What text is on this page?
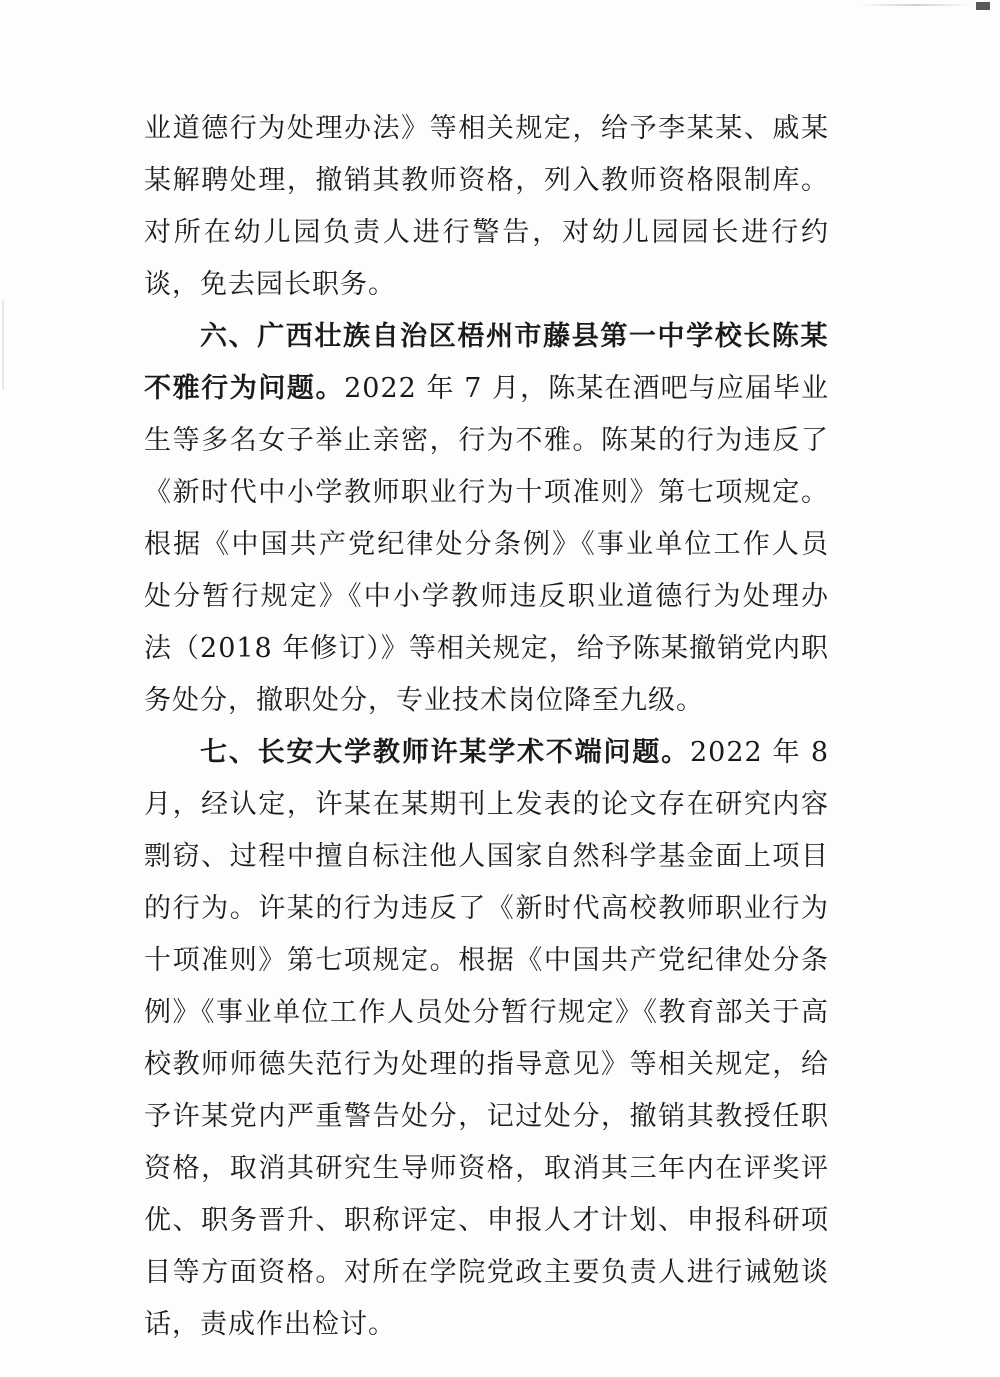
业道德行为处理办法》等相关规定，给予李某某、戚某某解聘处理，撤销其教师资格，列入教师资格限制库。对所在幼儿园负责人进行警告，对幼儿园园长进行约谈，免去园长职务。

六、广西壮族自治区梧州市藤县第一中学校长陈某不雅行为问题。2022 年 7 月，陈某在酒吧与应届毕业生等多名女子举止亲密，行为不雅。陈某的行为违反了《新时代中小学教师职业行为十项准则》第七项规定。根据《中国共产党纪律处分条例》《事业单位工作人员处分暂行规定》《中小学教师违反职业道德行为处理办法（2018 年修订）》等相关规定，给予陈某撤销党内职务处分，撤职处分，专业技术岗位降至九级。

七、长安大学教师许某学术不端问题。2022 年 8 月，经认定，许某在某期刊上发表的论文存在研究内容剽窃、过程中擅自标注他人国家自然科学基金面上项目的行为。许某的行为违反了《新时代高校教师职业行为十项准则》第七项规定。根据《中国共产党纪律处分条例》《事业单位工作人员处分暂行规定》《教育部关于高校教师师德失范行为处理的指导意见》等相关规定，给予许某党内严重警告处分，记过处分，撤销其教授任职资格，取消其研究生导师资格，取消其三年内在评奖评优、职务晋升、职称评定、申报人才计划、申报科研项目等方面资格。对所在学院党政主要负责人进行诫勉谈话，责成作出检讨。
